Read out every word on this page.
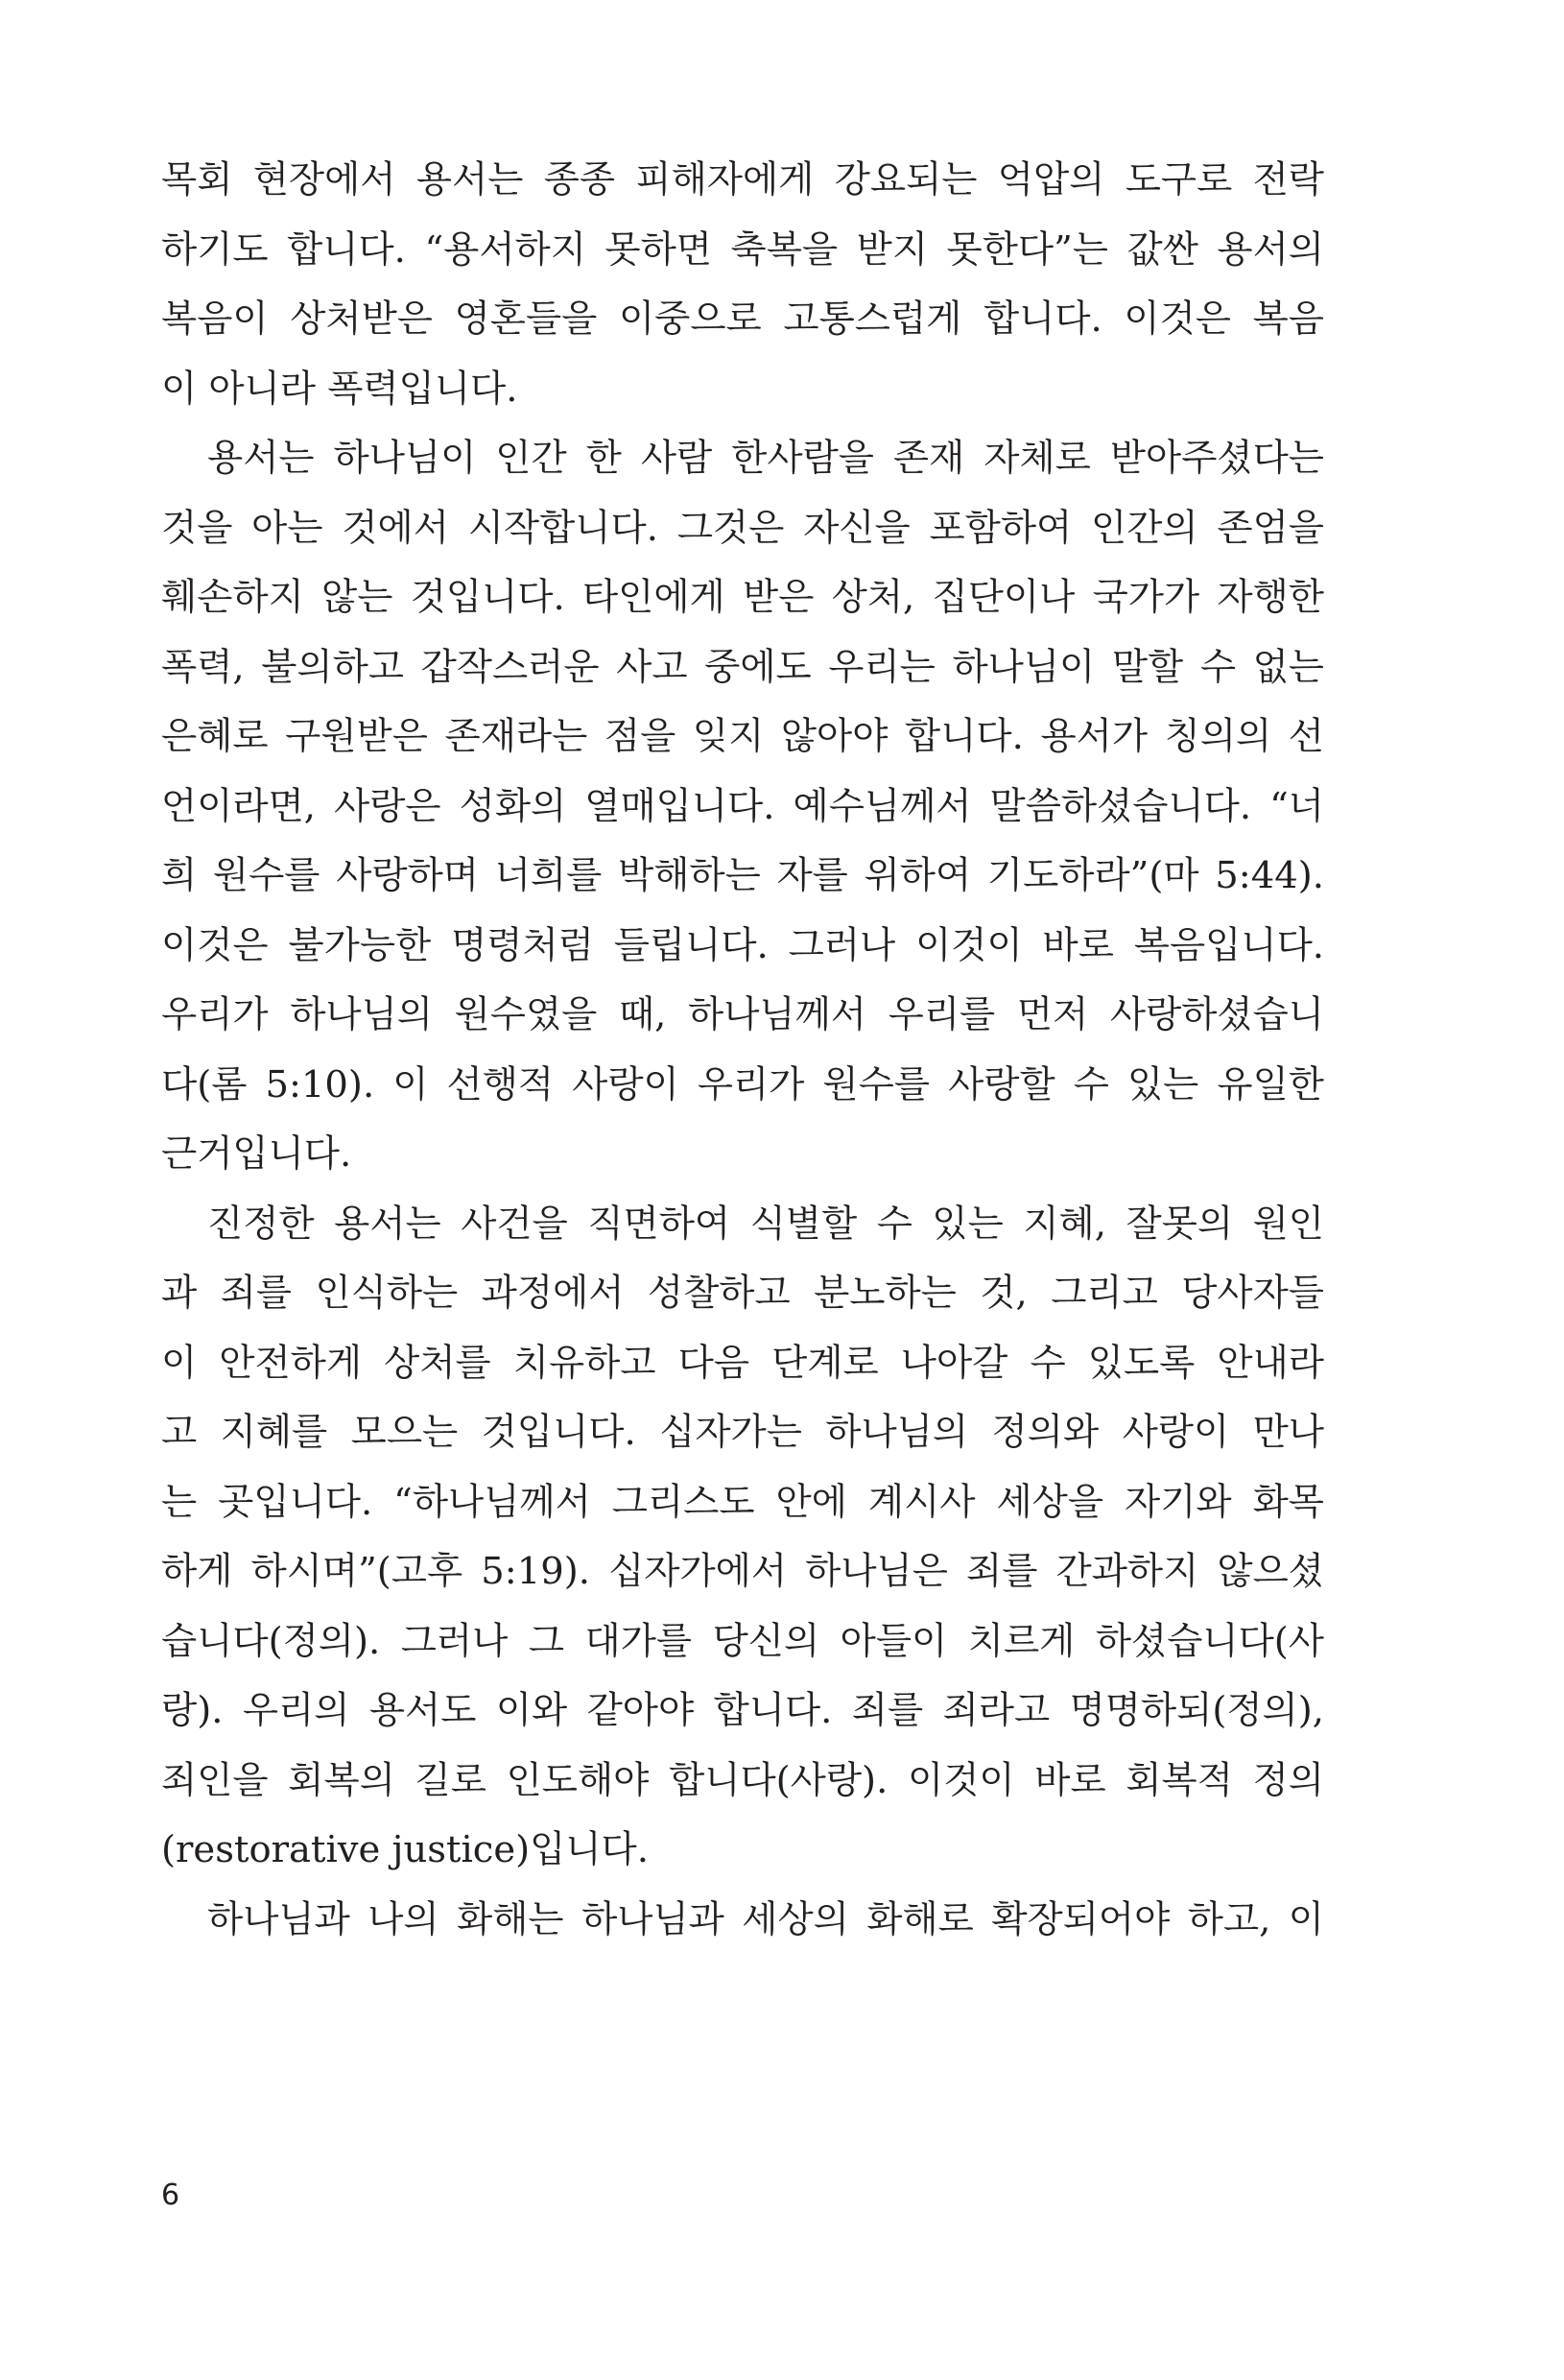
목회 현장에서 용서는 종종 피해자에게 강요되는 억압의 도구로 전락
하기도 합니다. “용서하지 못하면 축복을 받지 못한다”는 값싼 용서의
복음이 상처받은 영혼들을 이중으로 고통스럽게 합니다. 이것은 복음
이 아니라 폭력입니다.
용서는 하나님이 인간 한 사람 한사람을 존재 자체로 받아주셨다는
것을 아는 것에서 시작합니다. 그것은 자신을 포함하여 인간의 존엄을
훼손하지 않는 것입니다. 타인에게 받은 상처, 집단이나 국가가 자행한
폭력, 불의하고 갑작스러운 사고 중에도 우리는 하나님이 말할 수 없는
은혜로 구원받은 존재라는 점을 잊지 않아야 합니다. 용서가 칭의의 선
언이라면, 사랑은 성화의 열매입니다. 예수님께서 말씀하셨습니다. “너
희 원수를 사랑하며 너희를 박해하는 자를 위하여 기도하라”(마 5:44).
이것은 불가능한 명령처럼 들립니다. 그러나 이것이 바로 복음입니다.
우리가 하나님의 원수였을 때, 하나님께서 우리를 먼저 사랑하셨습니
다(롬 5:10). 이 선행적 사랑이 우리가 원수를 사랑할 수 있는 유일한
근거입니다.
진정한 용서는 사건을 직면하여 식별할 수 있는 지혜, 잘못의 원인
과 죄를 인식하는 과정에서 성찰하고 분노하는 것, 그리고 당사자들
이 안전하게 상처를 치유하고 다음 단계로 나아갈 수 있도록 안내라
고 지혜를 모으는 것입니다. 십자가는 하나님의 정의와 사랑이 만나
는 곳입니다. “하나님께서 그리스도 안에 계시사 세상을 자기와 화목
하게 하시며”(고후 5:19). 십자가에서 하나님은 죄를 간과하지 않으셨
습니다(정의). 그러나 그 대가를 당신의 아들이 치르게 하셨습니다(사
랑). 우리의 용서도 이와 같아야 합니다. 죄를 죄라고 명명하되(정의),
죄인을 회복의 길로 인도해야 합니다(사랑). 이것이 바로 회복적 정의
(restorative justice)입니다.
하나님과 나의 화해는 하나님과 세상의 화해로 확장되어야 하고, 이
6
